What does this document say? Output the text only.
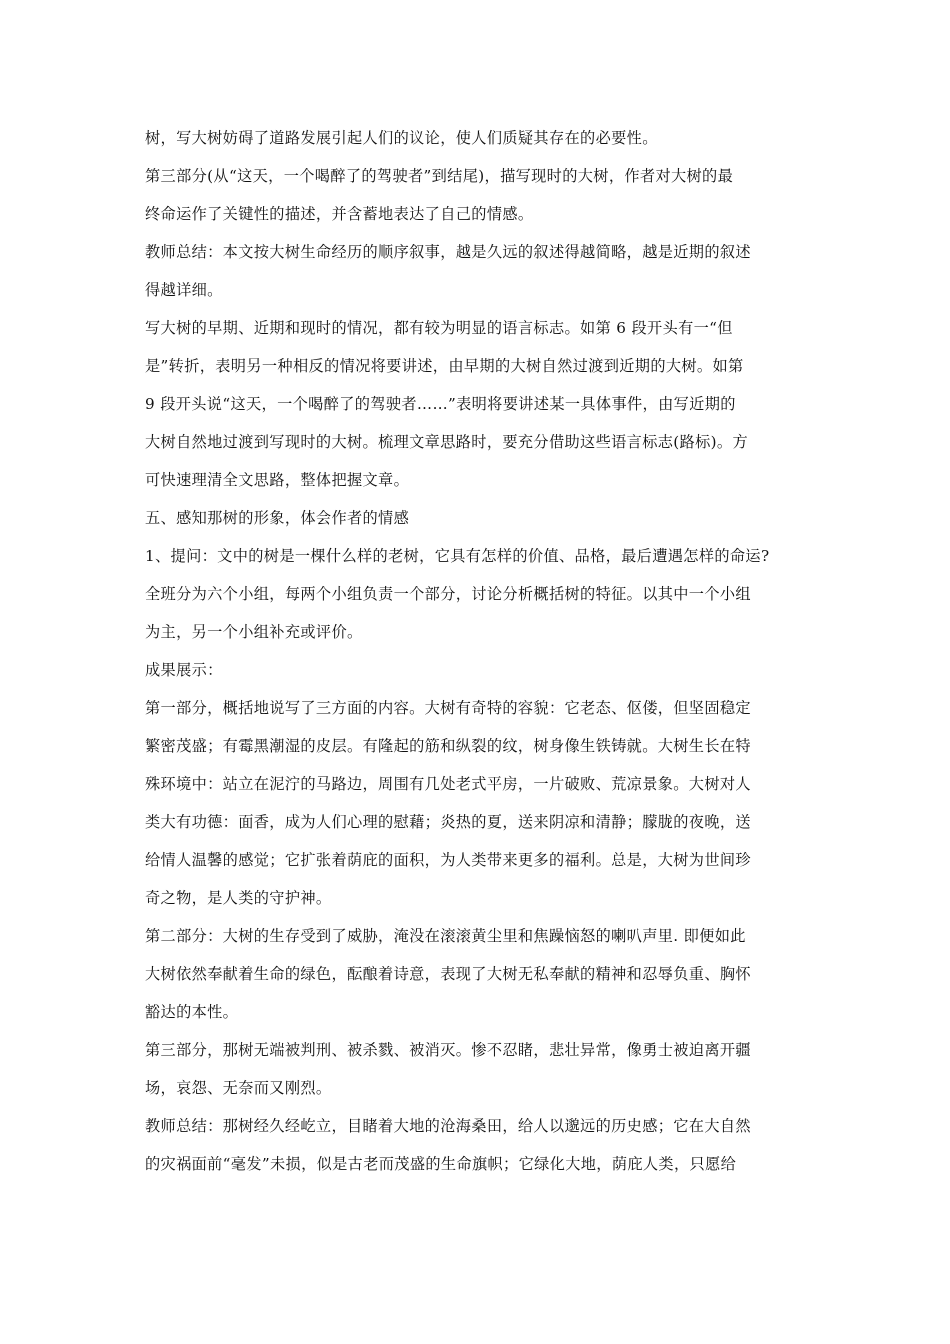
树，写大树妨碍了道路发展引起人们的议论，使人们质疑其存在的必要性。
第三部分(从“这天，一个喝醉了的驾驶者”到结尾)，描写现时的大树，作者对大树的最
终命运作了关键性的描述，并含蓄地表达了自己的情感。
教师总结：本文按大树生命经历的顺序叙事，越是久远的叙述得越简略，越是近期的叙述
得越详细。
写大树的早期、近期和现时的情况，都有较为明显的语言标志。如第 6 段开头有一“但
是”转折，表明另一种相反的情况将要讲述，由早期的大树自然过渡到近期的大树。如第
9 段开头说“这天，一个喝醉了的驾驶者……”表明将要讲述某一具体事件，由写近期的
大树自然地过渡到写现时的大树。梳理文章思路时，要充分借助这些语言标志(路标)。方
可快速理清全文思路，整体把握文章。
五、感知那树的形象，体会作者的情感
1、提问：文中的树是一棵什么样的老树，它具有怎样的价值、品格，最后遭遇怎样的命运?
全班分为六个小组，每两个小组负责一个部分，讨论分析概括树的特征。以其中一个小组
为主，另一个小组补充或评价。
成果展示：
第一部分，概括地说写了三方面的内容。大树有奇特的容貌：它老态、伛偻，但坚固稳定
繁密茂盛；有霉黑潮湿的皮层。有隆起的筋和纵裂的纹，树身像生铁铸就。大树生长在特
殊环境中：站立在泥泞的马路边，周围有几处老式平房，一片破败、荒凉景象。大树对人
类大有功德：面香，成为人们心理的慰藉；炎热的夏，送来阴凉和清静；朦胧的夜晚，送
给情人温馨的感觉；它扩张着荫庇的面积，为人类带来更多的福利。总是，大树为世间珍
奇之物，是人类的守护神。
第二部分：大树的生存受到了威胁，淹没在滚滚黄尘里和焦躁恼怒的喇叭声里. 即便如此
大树依然奉献着生命的绿色，酝酿着诗意，表现了大树无私奉献的精神和忍辱负重、胸怀
豁达的本性。
第三部分，那树无端被判刑、被杀戮、被消灭。惨不忍睹，悲壮异常，像勇士被迫离开疆
场，哀怨、无奈而又刚烈。
教师总结：那树经久经屹立，目睹着大地的沧海桑田，给人以邈远的历史感；它在大自然
的灾祸面前“毫发”未损，似是古老而茂盛的生命旗帜；它绿化大地，荫庇人类，只愿给
